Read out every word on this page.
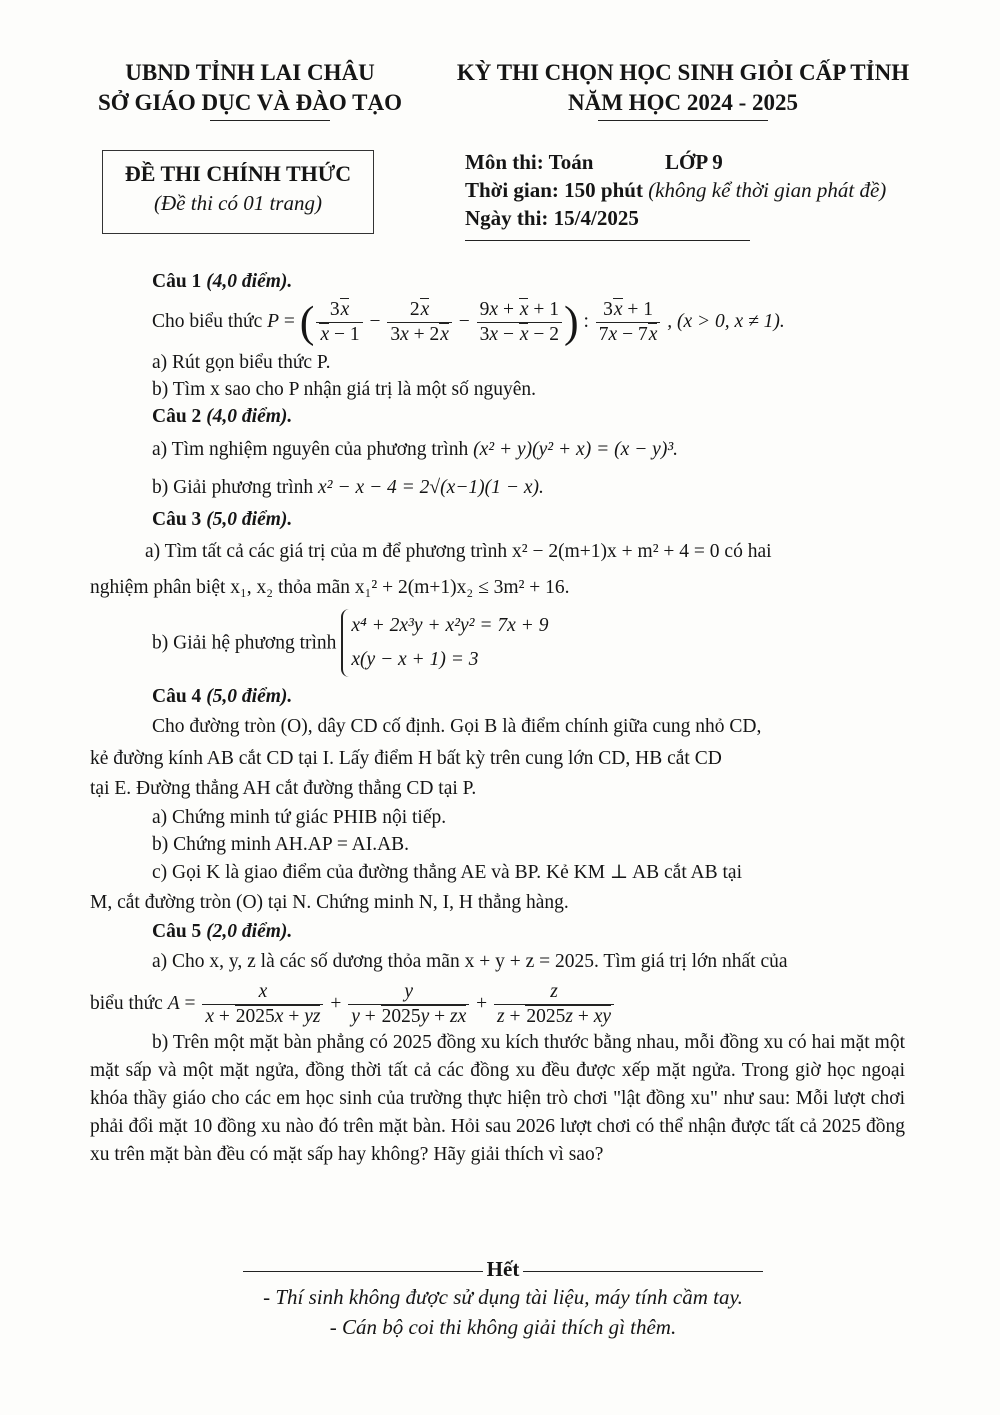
UBND TỈNH LAI CHÂU
SỞ GIÁO DỤC VÀ ĐÀO TẠO
KỲ THI CHỌN HỌC SINH GIỎI CẤP TỈNH
NĂM HỌC 2024 - 2025
ĐỀ THI CHÍNH THỨC
(Đề thi có 01 trang)
Môn thi: Toán	LỚP 9
Thời gian: 150 phút (không kể thời gian phát đề)
Ngày thi: 15/4/2025

Câu 1 (4,0 điểm).

Cho biểu thức P = ( $\frac{3x}{x - 1} - \frac{2x}{3x + 2x} - \frac{9x + x + 1}{3x - x - 2}$ ) : $\frac{3x + 1}{7x - 7x}$ , (x > 0, x ≠ 1).

a) Rút gọn biểu thức P.

b) Tìm x sao cho P nhận giá trị là một số nguyên.

Câu 2 (4,0 điểm).

a) Tìm nghiệm nguyên của phương trình (x² + y)(y² + x) = (x − y)³.

b) Giải phương trình x² − x − 4 = 2√(x−1)(1 − x).

Câu 3 (5,0 điểm).

a) Tìm tất cả các giá trị của m để phương trình x² − 2(m+1)x + m² + 4 = 0 có hai

nghiệm phân biệt x₁, x₂ thỏa mãn x₁² + 2(m+1)x₂ ≤ 3m² + 16.

b) Giải hệ phương trình x⁴ + 2x³y + x²y² = 7x + 9
x(y − x + 1) = 3

Câu 4 (5,0 điểm).

Cho đường tròn (O), dây CD cố định. Gọi B là điểm chính giữa cung nhỏ CD,

kẻ đường kính AB cắt CD tại I. Lấy điểm H bất kỳ trên cung lớn CD, HB cắt CD

tại E. Đường thẳng AH cắt đường thẳng CD tại P.

a) Chứng minh tứ giác PHIB nội tiếp.

b) Chứng minh AH.AP = AI.AB.

c) Gọi K là giao điểm của đường thẳng AE và BP. Kẻ KM ⊥ AB cắt AB tại

M, cắt đường tròn (O) tại N. Chứng minh N, I, H thẳng hàng.

Câu 5 (2,0 điểm).

a) Cho x, y, z là các số dương thỏa mãn x + y + z = 2025. Tìm giá trị lớn nhất của

biểu thức $A = \frac{x}{x + 2025x + yz} + \frac{y}{y + 2025y + zx} + \frac{z}{z + 2025z + xy}$

b) Trên một mặt bàn phẳng có 2025 đồng xu kích thước bằng nhau, mỗi đồng xu có hai mặt một mặt sấp và một mặt ngửa, đồng thời tất cả các đồng xu đều được xếp mặt ngửa. Trong giờ học ngoại khóa thầy giáo cho các em học sinh của trường thực hiện trò chơi "lật đồng xu" như sau: Mỗi lượt chơi phải đổi mặt 10 đồng xu nào đó trên mặt bàn. Hỏi sau 2026 lượt chơi có thể nhận được tất cả 2025 đồng xu trên mặt bàn đều có mặt sấp hay không? Hãy giải thích vì sao?

Hết
- Thí sinh không được sử dụng tài liệu, máy tính cầm tay.
- Cán bộ coi thi không giải thích gì thêm.
